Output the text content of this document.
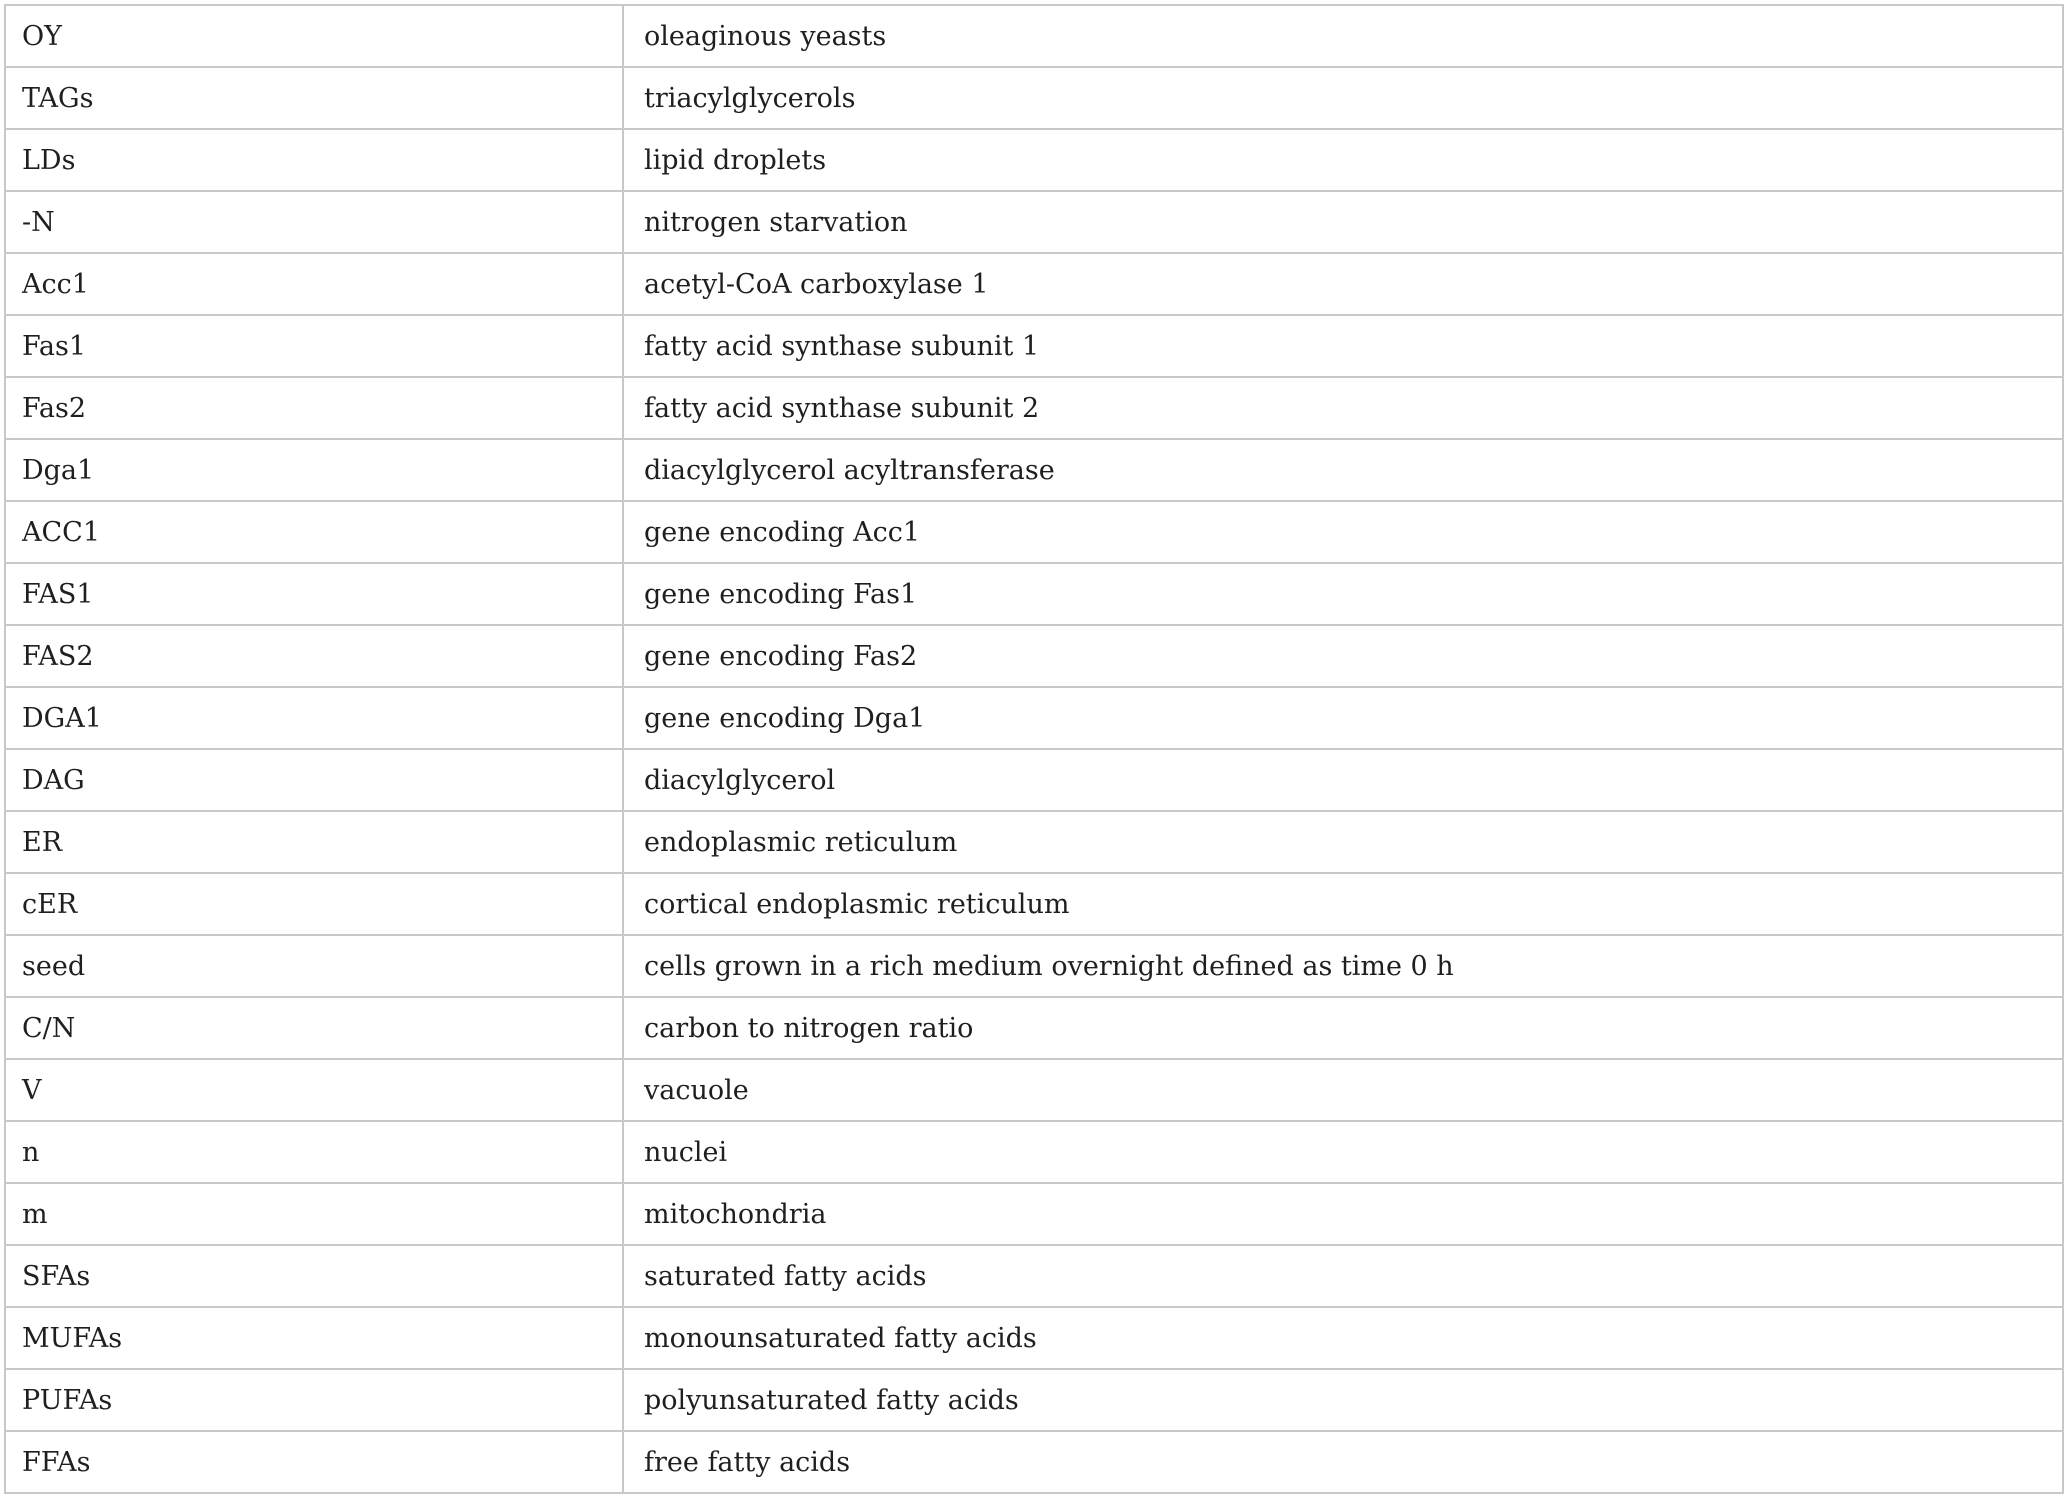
OY	oleaginous yeasts
TAGs	triacylglycerols
LDs	lipid droplets
-N	nitrogen starvation
Acc1	acetyl-CoA carboxylase 1
Fas1	fatty acid synthase subunit 1
Fas2	fatty acid synthase subunit 2
Dga1	diacylglycerol acyltransferase
ACC1	gene encoding Acc1
FAS1	gene encoding Fas1
FAS2	gene encoding Fas2
DGA1	gene encoding Dga1
DAG	diacylglycerol
ER	endoplasmic reticulum
cER	cortical endoplasmic reticulum
seed	cells grown in a rich medium overnight defined as time 0 h
C/N	carbon to nitrogen ratio
V	vacuole
n	nuclei
m	mitochondria
SFAs	saturated fatty acids
MUFAs	monounsaturated fatty acids
PUFAs	polyunsaturated fatty acids
FFAs	free fatty acids
